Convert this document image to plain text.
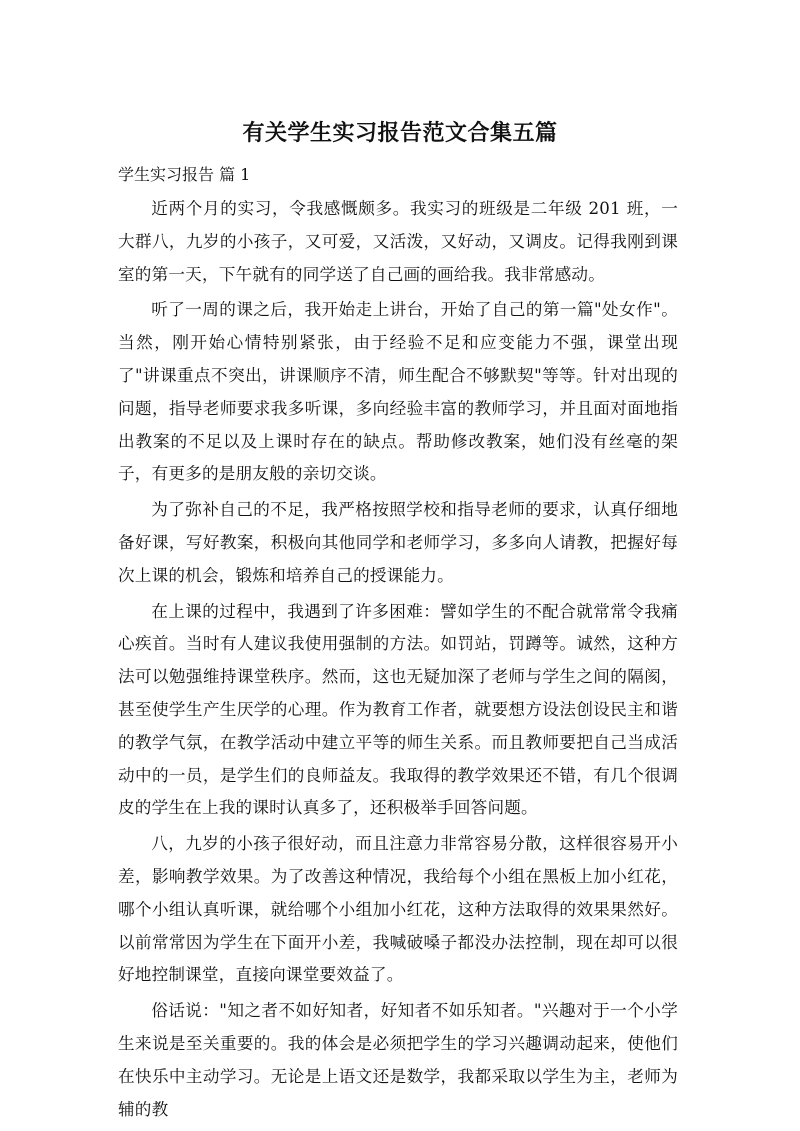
有关学生实习报告范文合集五篇
学生实习报告 篇 1

近两个月的实习，令我感慨颇多。我实习的班级是二年级 201 班，一大群八，九岁的小孩子，又可爱，又活泼，又好动，又调皮。记得我刚到课室的第一天，下午就有的同学送了自己画的画给我。我非常感动。

听了一周的课之后，我开始走上讲台，开始了自己的第一篇"处女作"。当然，刚开始心情特别紧张，由于经验不足和应变能力不强，课堂出现了"讲课重点不突出，讲课顺序不清，师生配合不够默契"等等。针对出现的问题，指导老师要求我多听课，多向经验丰富的教师学习，并且面对面地指出教案的不足以及上课时存在的缺点。帮助修改教案，她们没有丝毫的架子，有更多的是朋友般的亲切交谈。

为了弥补自己的不足，我严格按照学校和指导老师的要求，认真仔细地备好课，写好教案，积极向其他同学和老师学习，多多向人请教，把握好每次上课的机会，锻炼和培养自己的授课能力。

在上课的过程中，我遇到了许多困难：譬如学生的不配合就常常令我痛心疾首。当时有人建议我使用强制的方法。如罚站，罚蹲等。诚然，这种方法可以勉强维持课堂秩序。然而，这也无疑加深了老师与学生之间的隔阂，甚至使学生产生厌学的心理。作为教育工作者，就要想方设法创设民主和谐的教学气氛，在教学活动中建立平等的师生关系。而且教师要把自己当成活动中的一员，是学生们的良师益友。我取得的教学效果还不错，有几个很调皮的学生在上我的课时认真多了，还积极举手回答问题。

八，九岁的小孩子很好动，而且注意力非常容易分散，这样很容易开小差，影响教学效果。为了改善这种情况，我给每个小组在黑板上加小红花，哪个小组认真听课，就给哪个小组加小红花，这种方法取得的效果果然好。以前常常因为学生在下面开小差，我喊破嗓子都没办法控制，现在却可以很好地控制课堂，直接向课堂要效益了。

俗话说："知之者不如好知者，好知者不如乐知者。"兴趣对于一个小学生来说是至关重要的。我的体会是必须把学生的学习兴趣调动起来，使他们在快乐中主动学习。无论是上语文还是数学，我都采取以学生为主，老师为辅的教
